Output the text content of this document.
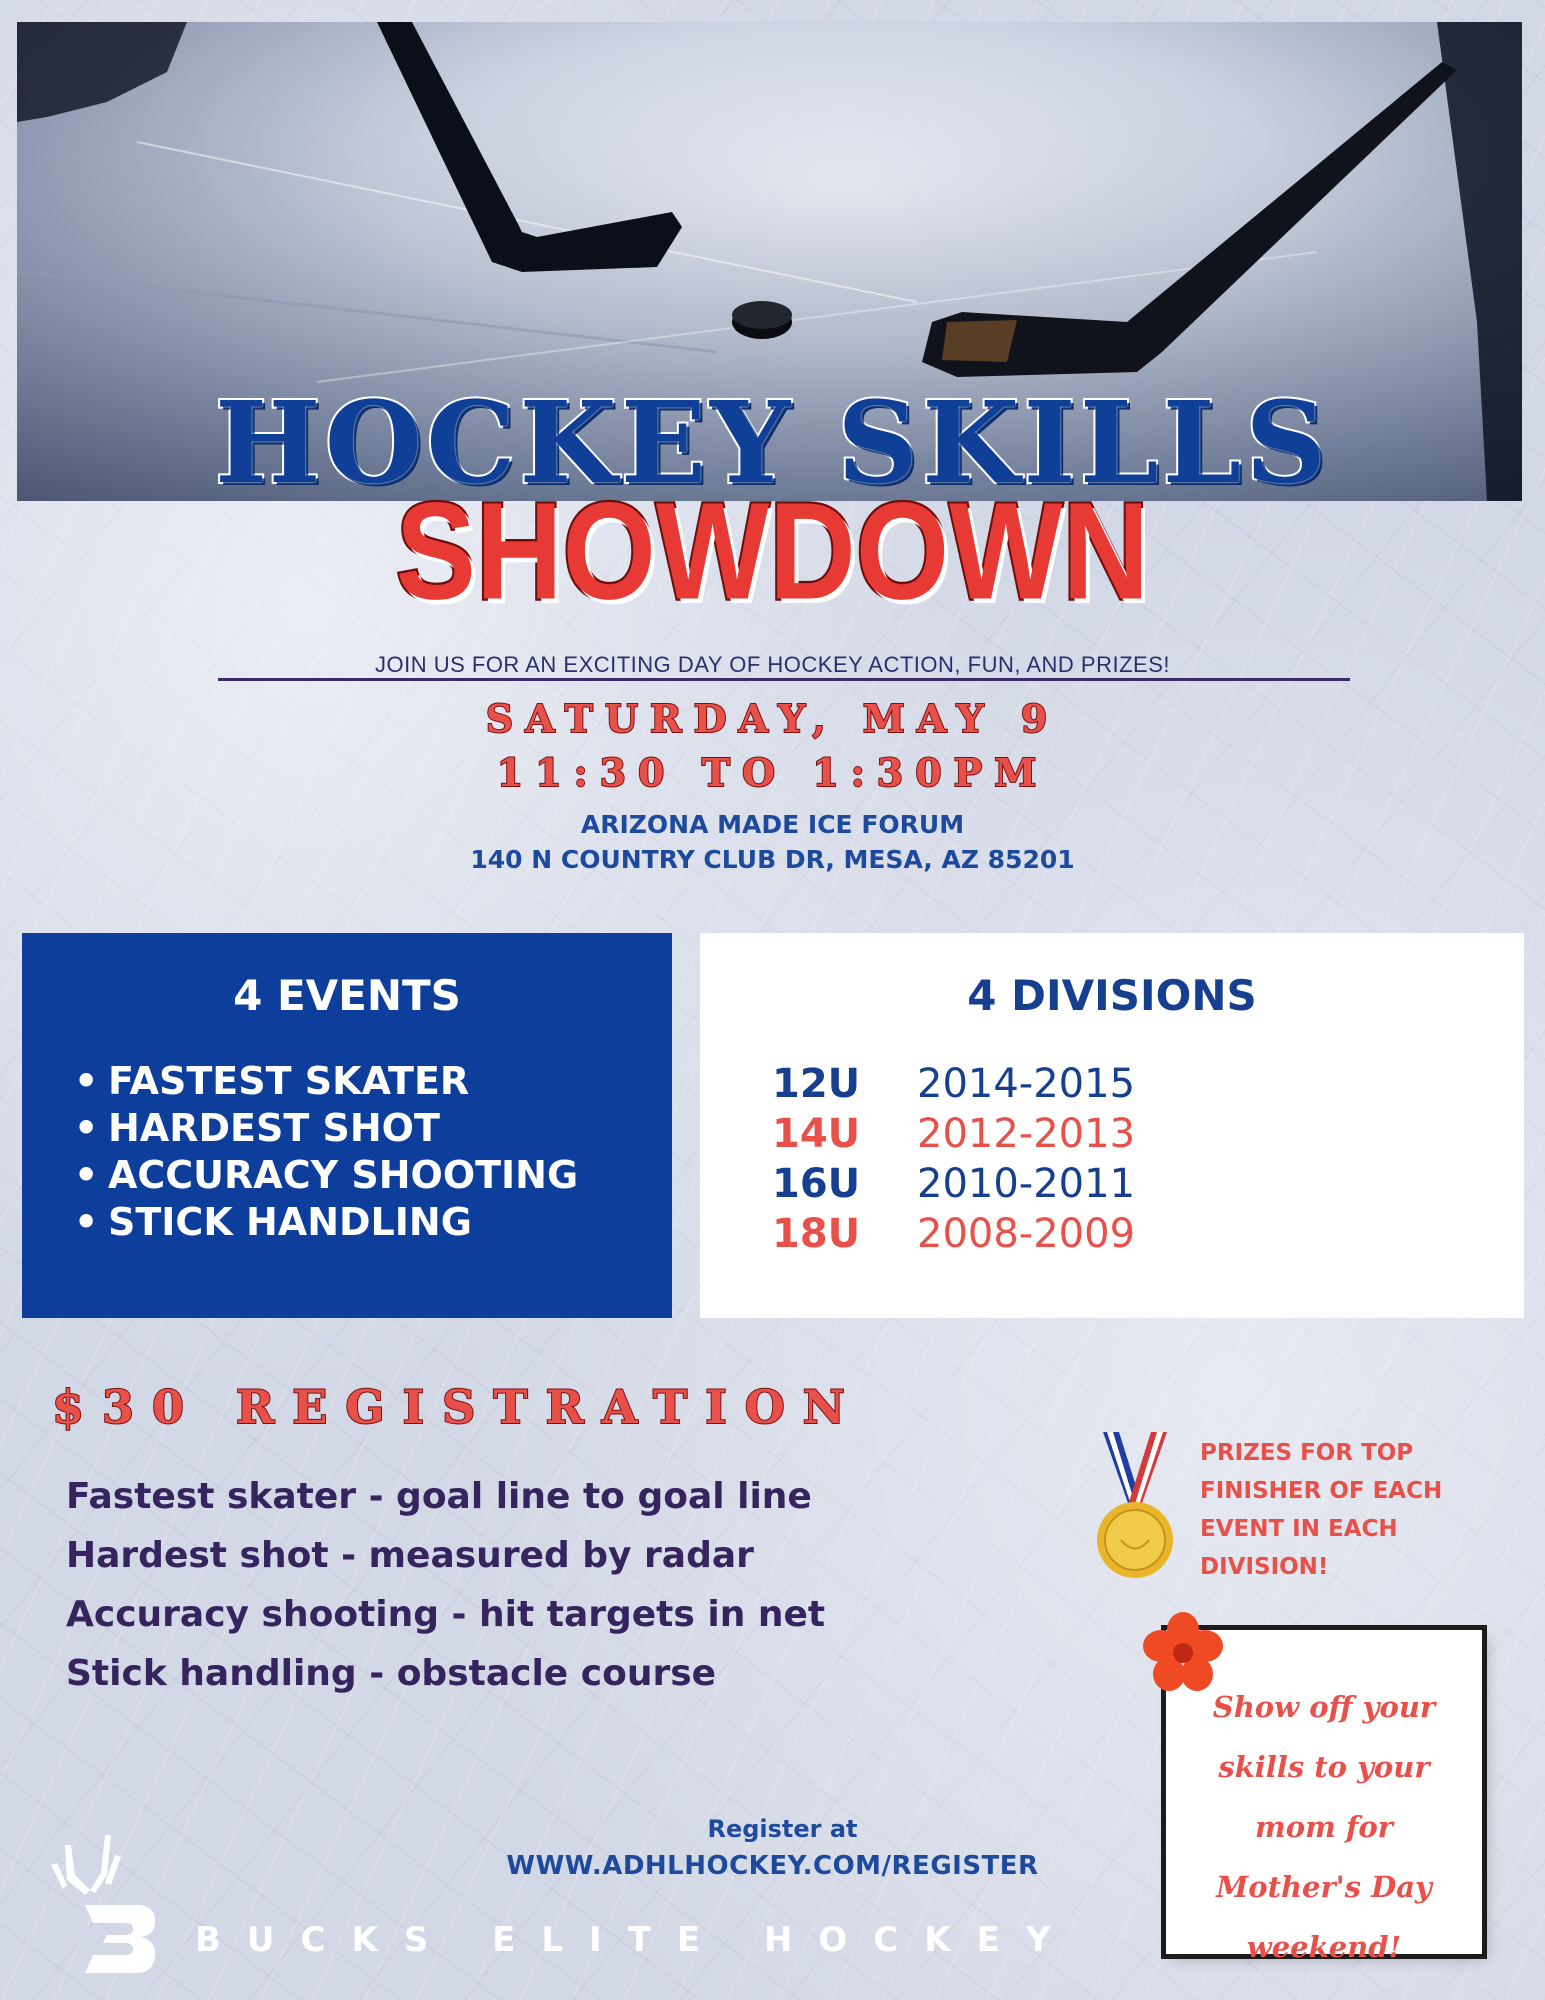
HOCKEY SKILLS
SHOWDOWN
JOIN US FOR AN EXCITING DAY OF HOCKEY ACTION, FUN, AND PRIZES!
SATURDAY, MAY 9
11:30 TO 1:30PM
ARIZONA MADE ICE FORUM
140 N COUNTRY CLUB DR, MESA, AZ 85201
4 EVENTS
• FASTEST SKATER
• HARDEST SHOT
• ACCURACY SHOOTING
• STICK HANDLING
4 DIVISIONS
12U 2014-2015
14U 2012-2013
16U 2010-2011
18U 2008-2009
$30 REGISTRATION
Fastest skater - goal line to goal line
Hardest shot - measured by radar
Accuracy shooting - hit targets in net
Stick handling - obstacle course
PRIZES FOR TOP
FINISHER OF EACH
EVENT IN EACH
DIVISION!
Show off your
skills to your
mom for
Mother's Day
weekend!
Register at
WWW.ADHLHOCKEY.COM/REGISTER
BUCKS ELITE HOCKEY
